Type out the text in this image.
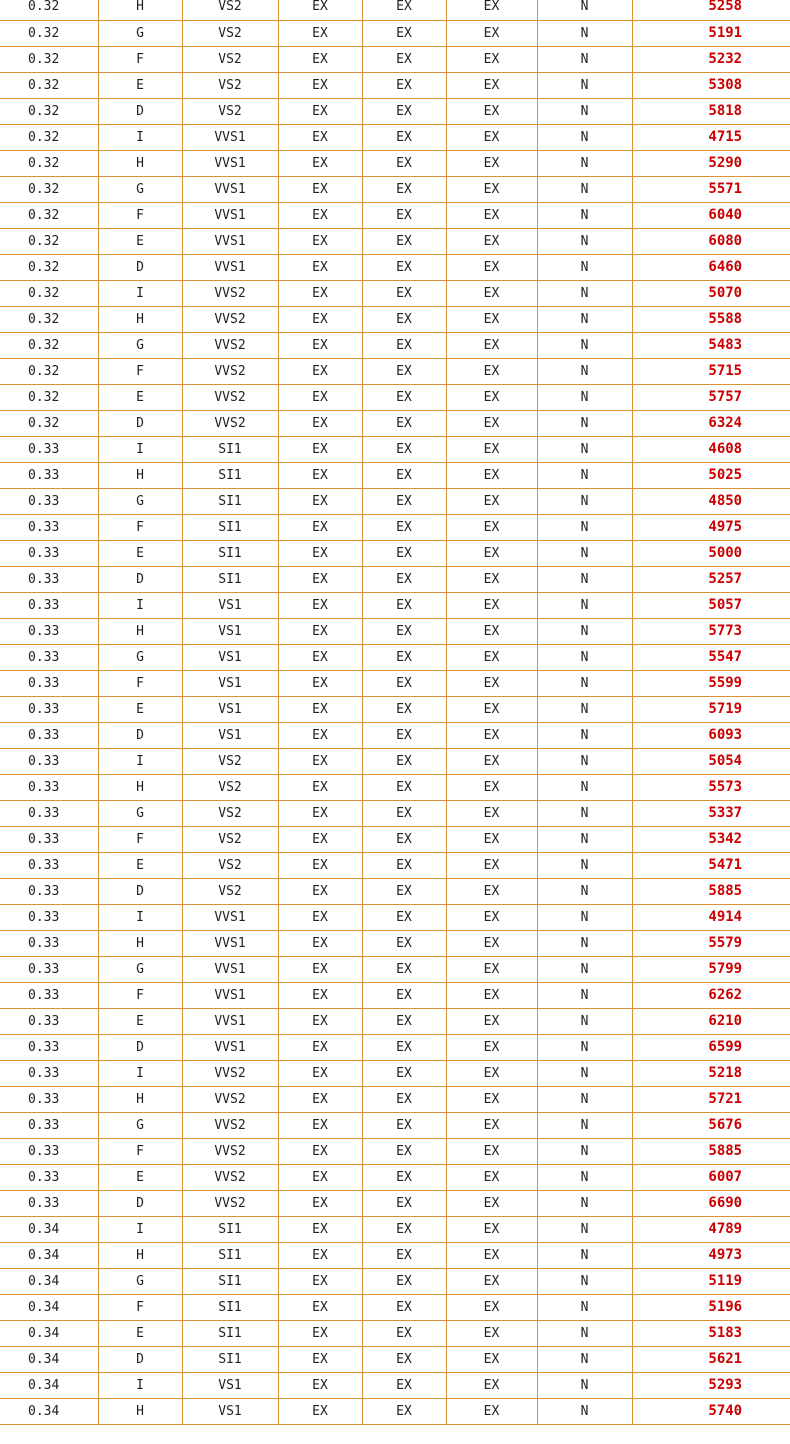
0.32	H	VS2	EX	EX	EX	N	5258
0.32	G	VS2	EX	EX	EX	N	5191
0.32	F	VS2	EX	EX	EX	N	5232
0.32	E	VS2	EX	EX	EX	N	5308
0.32	D	VS2	EX	EX	EX	N	5818
0.32	I	VVS1	EX	EX	EX	N	4715
0.32	H	VVS1	EX	EX	EX	N	5290
0.32	G	VVS1	EX	EX	EX	N	5571
0.32	F	VVS1	EX	EX	EX	N	6040
0.32	E	VVS1	EX	EX	EX	N	6080
0.32	D	VVS1	EX	EX	EX	N	6460
0.32	I	VVS2	EX	EX	EX	N	5070
0.32	H	VVS2	EX	EX	EX	N	5588
0.32	G	VVS2	EX	EX	EX	N	5483
0.32	F	VVS2	EX	EX	EX	N	5715
0.32	E	VVS2	EX	EX	EX	N	5757
0.32	D	VVS2	EX	EX	EX	N	6324
0.33	I	SI1	EX	EX	EX	N	4608
0.33	H	SI1	EX	EX	EX	N	5025
0.33	G	SI1	EX	EX	EX	N	4850
0.33	F	SI1	EX	EX	EX	N	4975
0.33	E	SI1	EX	EX	EX	N	5000
0.33	D	SI1	EX	EX	EX	N	5257
0.33	I	VS1	EX	EX	EX	N	5057
0.33	H	VS1	EX	EX	EX	N	5773
0.33	G	VS1	EX	EX	EX	N	5547
0.33	F	VS1	EX	EX	EX	N	5599
0.33	E	VS1	EX	EX	EX	N	5719
0.33	D	VS1	EX	EX	EX	N	6093
0.33	I	VS2	EX	EX	EX	N	5054
0.33	H	VS2	EX	EX	EX	N	5573
0.33	G	VS2	EX	EX	EX	N	5337
0.33	F	VS2	EX	EX	EX	N	5342
0.33	E	VS2	EX	EX	EX	N	5471
0.33	D	VS2	EX	EX	EX	N	5885
0.33	I	VVS1	EX	EX	EX	N	4914
0.33	H	VVS1	EX	EX	EX	N	5579
0.33	G	VVS1	EX	EX	EX	N	5799
0.33	F	VVS1	EX	EX	EX	N	6262
0.33	E	VVS1	EX	EX	EX	N	6210
0.33	D	VVS1	EX	EX	EX	N	6599
0.33	I	VVS2	EX	EX	EX	N	5218
0.33	H	VVS2	EX	EX	EX	N	5721
0.33	G	VVS2	EX	EX	EX	N	5676
0.33	F	VVS2	EX	EX	EX	N	5885
0.33	E	VVS2	EX	EX	EX	N	6007
0.33	D	VVS2	EX	EX	EX	N	6690
0.34	I	SI1	EX	EX	EX	N	4789
0.34	H	SI1	EX	EX	EX	N	4973
0.34	G	SI1	EX	EX	EX	N	5119
0.34	F	SI1	EX	EX	EX	N	5196
0.34	E	SI1	EX	EX	EX	N	5183
0.34	D	SI1	EX	EX	EX	N	5621
0.34	I	VS1	EX	EX	EX	N	5293
0.34	H	VS1	EX	EX	EX	N	5740
